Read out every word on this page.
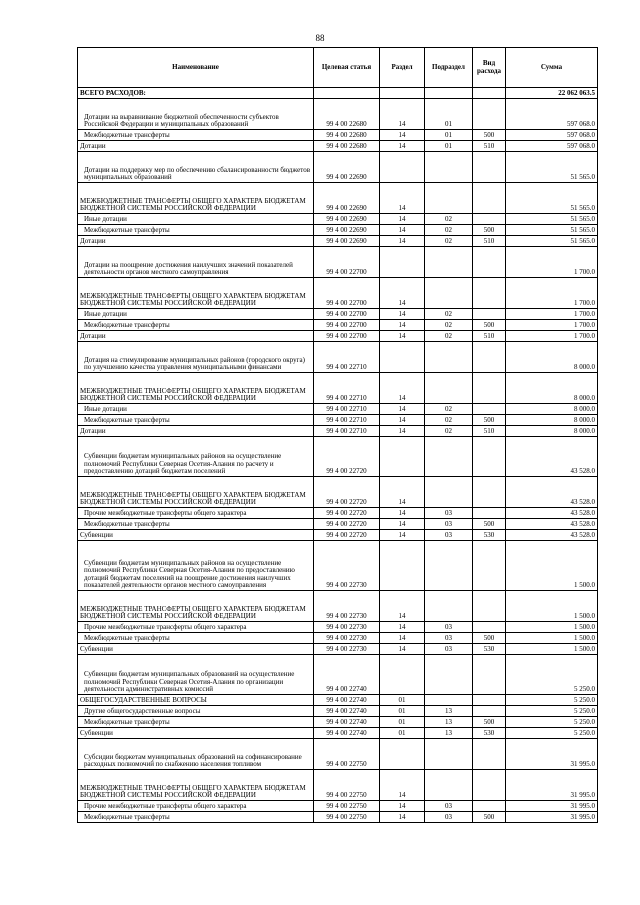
88
Наименование	Целевая статья	Раздел	Подраздел	Вид расхода	Сумма
ВСЕГО РАСХОДОВ:					22 062 063.5
Дотации на выравнивание бюджетной обеспеченности субъектов Российской Федерации и муниципальных образований	99 4 00 22680	14	01		597 068.0
Межбюджетные трансферты	99 4 00 22680	14	01	500	597 068.0
Дотации	99 4 00 22680	14	01	510	597 068.0
Дотации на поддержку мер по обеспечению сбалансированности бюджетов муниципальных образований	99 4 00 22690				51 565.0
МЕЖБЮДЖЕТНЫЕ ТРАНСФЕРТЫ ОБЩЕГО ХАРАКТЕРА БЮДЖЕТАМ БЮДЖЕТНОЙ СИСТЕМЫ РОССИЙСКОЙ ФЕДЕРАЦИИ	99 4 00 22690	14			51 565.0
Иные дотации	99 4 00 22690	14	02		51 565.0
Межбюджетные трансферты	99 4 00 22690	14	02	500	51 565.0
Дотации	99 4 00 22690	14	02	510	51 565.0
Дотации на поощрение достижения наилучших значений показателей деятельности органов местного самоуправления	99 4 00 22700				1 700.0
МЕЖБЮДЖЕТНЫЕ ТРАНСФЕРТЫ ОБЩЕГО ХАРАКТЕРА БЮДЖЕТАМ БЮДЖЕТНОЙ СИСТЕМЫ РОССИЙСКОЙ ФЕДЕРАЦИИ	99 4 00 22700	14			1 700.0
Иные дотации	99 4 00 22700	14	02		1 700.0
Межбюджетные трансферты	99 4 00 22700	14	02	500	1 700.0
Дотации	99 4 00 22700	14	02	510	1 700.0
Дотация на стимулирование муниципальных районов (городского округа) по улучшению качества управления муниципальными финансами	99 4 00 22710				8 000.0
МЕЖБЮДЖЕТНЫЕ ТРАНСФЕРТЫ ОБЩЕГО ХАРАКТЕРА БЮДЖЕТАМ БЮДЖЕТНОЙ СИСТЕМЫ РОССИЙСКОЙ ФЕДЕРАЦИИ	99 4 00 22710	14			8 000.0
Иные дотации	99 4 00 22710	14	02		8 000.0
Межбюджетные трансферты	99 4 00 22710	14	02	500	8 000.0
Дотации	99 4 00 22710	14	02	510	8 000.0
Субвенции бюджетам муниципальных районов на осуществление полномочий Республики Северная Осетия-Алания по расчету и предоставлению дотаций бюджетам поселений	99 4 00 22720				43 528.0
МЕЖБЮДЖЕТНЫЕ ТРАНСФЕРТЫ ОБЩЕГО ХАРАКТЕРА БЮДЖЕТАМ БЮДЖЕТНОЙ СИСТЕМЫ РОССИЙСКОЙ ФЕДЕРАЦИИ	99 4 00 22720	14			43 528.0
Прочие межбюджетные трансферты общего характера	99 4 00 22720	14	03		43 528.0
Межбюджетные трансферты	99 4 00 22720	14	03	500	43 528.0
Субвенции	99 4 00 22720	14	03	530	43 528.0
Субвенции бюджетам муниципальных районов на осуществление полномочий Республики Северная Осетия-Алания по предоставлению дотаций бюджетам поселений на поощрение достижения наилучших показателей деятельности органов местного самоуправления	99 4 00 22730				1 500.0
МЕЖБЮДЖЕТНЫЕ ТРАНСФЕРТЫ ОБЩЕГО ХАРАКТЕРА БЮДЖЕТАМ БЮДЖЕТНОЙ СИСТЕМЫ РОССИЙСКОЙ ФЕДЕРАЦИИ	99 4 00 22730	14			1 500.0
Прочие межбюджетные трансферты общего характера	99 4 00 22730	14	03		1 500.0
Межбюджетные трансферты	99 4 00 22730	14	03	500	1 500.0
Субвенции	99 4 00 22730	14	03	530	1 500.0
Субвенции бюджетам муниципальных образований на осуществление полномочий Республики Северная Осетия-Алания по организации деятельности административных комиссий	99 4 00 22740				5 250.0
ОБЩЕГОСУДАРСТВЕННЫЕ ВОПРОСЫ	99 4 00 22740	01			5 250.0
Другие общегосударственные вопросы	99 4 00 22740	01	13		5 250.0
Межбюджетные трансферты	99 4 00 22740	01	13	500	5 250.0
Субвенции	99 4 00 22740	01	13	530	5 250.0
Субсидии бюджетам муниципальных образований на софинансирование расходных полномочий по снабжению населения топливом	99 4 00 22750				31 995.0
МЕЖБЮДЖЕТНЫЕ ТРАНСФЕРТЫ ОБЩЕГО ХАРАКТЕРА БЮДЖЕТАМ БЮДЖЕТНОЙ СИСТЕМЫ РОССИЙСКОЙ ФЕДЕРАЦИИ	99 4 00 22750	14			31 995.0
Прочие межбюджетные трансферты общего характера	99 4 00 22750	14	03		31 995.0
Межбюджетные трансферты	99 4 00 22750	14	03	500	31 995.0
